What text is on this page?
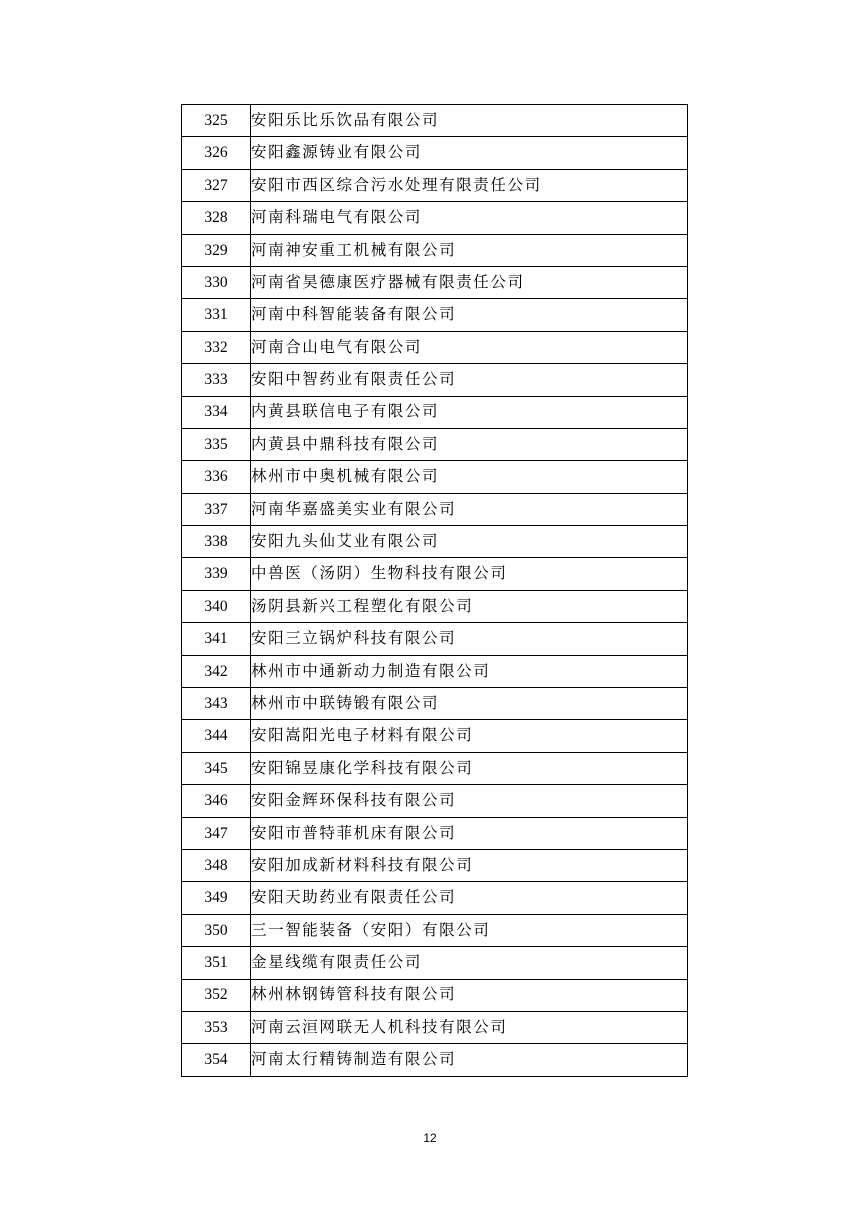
325	安阳乐比乐饮品有限公司
326	安阳鑫源铸业有限公司
327	安阳市西区综合污水处理有限责任公司
328	河南科瑞电气有限公司
329	河南神安重工机械有限公司
330	河南省昊德康医疗器械有限责任公司
331	河南中科智能装备有限公司
332	河南合山电气有限公司
333	安阳中智药业有限责任公司
334	内黄县联信电子有限公司
335	内黄县中鼎科技有限公司
336	林州市中奥机械有限公司
337	河南华嘉盛美实业有限公司
338	安阳九头仙艾业有限公司
339	中兽医（汤阴）生物科技有限公司
340	汤阴县新兴工程塑化有限公司
341	安阳三立锅炉科技有限公司
342	林州市中通新动力制造有限公司
343	林州市中联铸锻有限公司
344	安阳嵩阳光电子材料有限公司
345	安阳锦昱康化学科技有限公司
346	安阳金辉环保科技有限公司
347	安阳市普特菲机床有限公司
348	安阳加成新材料科技有限公司
349	安阳天助药业有限责任公司
350	三一智能装备（安阳）有限公司
351	金星线缆有限责任公司
352	林州林钢铸管科技有限公司
353	河南云洹网联无人机科技有限公司
354	河南太行精铸制造有限公司
12
